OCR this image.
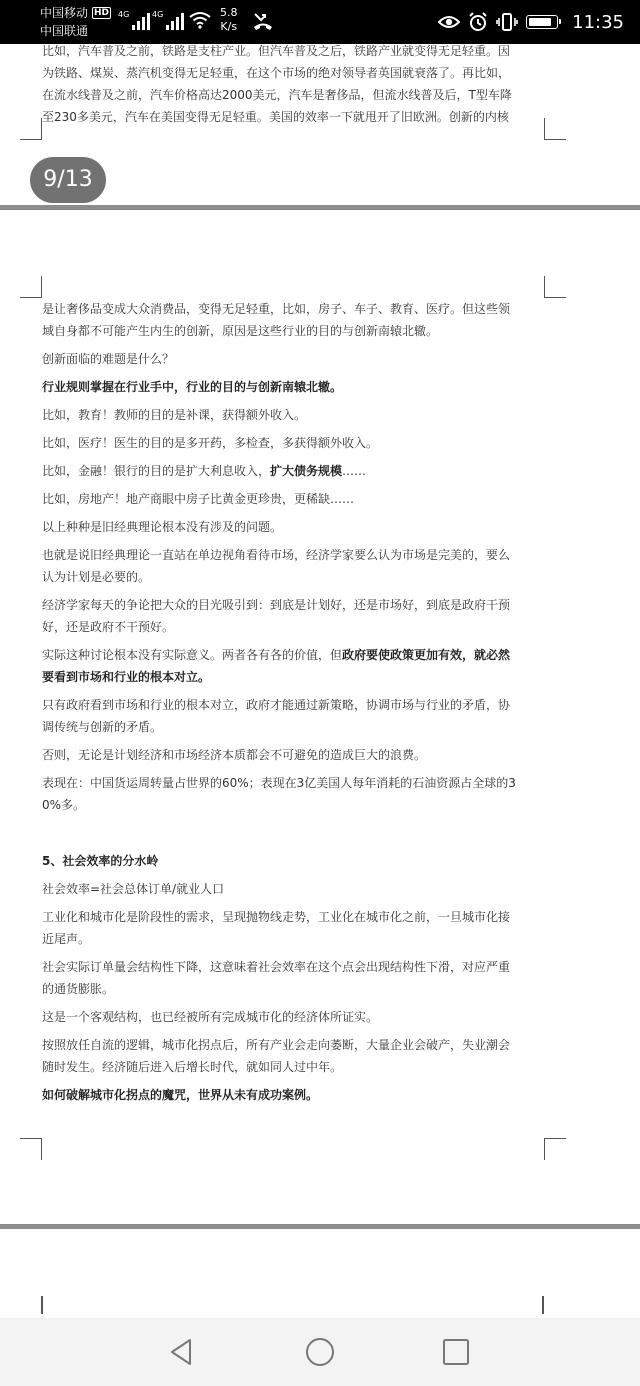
中国移动 HD
中国联通
4G	4G	5.8
K/s	11:35

比如，汽车普及之前，铁路是支柱产业。但汽车普及之后，铁路产业就变得无足轻重。因

为铁路、煤炭、蒸汽机变得无足轻重，在这个市场的绝对领导者英国就衰落了。再比如，

在流水线普及之前，汽车价格高达2000美元，汽车是奢侈品，但流水线普及后，T型车降

至230多美元，汽车在美国变得无足轻重。美国的效率一下就甩开了旧欧洲。创新的内核

9/13

是让奢侈品变成大众消费品，变得无足轻重，比如，房子、车子、教育、医疗。但这些领

域自身都不可能产生内生的创新，原因是这些行业的目的与创新南辕北辙。

创新面临的难题是什么？

行业规则掌握在行业手中，行业的目的与创新南辕北辙。

比如，教育！教师的目的是补课，获得额外收入。

比如，医疗！医生的目的是多开药，多检查，多获得额外收入。

比如，金融！银行的目的是扩大利息收入，扩大债务规模……

比如，房地产！地产商眼中房子比黄金更珍贵，更稀缺……

以上种种是旧经典理论根本没有涉及的问题。

也就是说旧经典理论一直站在单边视角看待市场，经济学家要么认为市场是完美的，要么

认为计划是必要的。

经济学家每天的争论把大众的目光吸引到：到底是计划好，还是市场好，到底是政府干预

好，还是政府不干预好。

实际这种讨论根本没有实际意义。两者各有各的价值，但政府要使政策更加有效，就必然

要看到市场和行业的根本对立。

只有政府看到市场和行业的根本对立，政府才能通过新策略，协调市场与行业的矛盾，协

调传统与创新的矛盾。

否则，无论是计划经济和市场经济本质都会不可避免的造成巨大的浪费。

表现在：中国货运周转量占世界的60%；表现在3亿美国人每年消耗的石油资源占全球的3

0%多。

5、社会效率的分水岭

社会效率=社会总体订单/就业人口

工业化和城市化是阶段性的需求，呈现抛物线走势，工业化在城市化之前，一旦城市化接

近尾声。

社会实际订单量会结构性下降，这意味着社会效率在这个点会出现结构性下滑，对应严重

的通货膨胀。

这是一个客观结构，也已经被所有完成城市化的经济体所证实。

按照放任自流的逻辑，城市化拐点后，所有产业会走向萎断，大量企业会破产，失业潮会

随时发生。经济随后进入后增长时代，就如同人过中年。

如何破解城市化拐点的魔咒，世界从未有成功案例。
